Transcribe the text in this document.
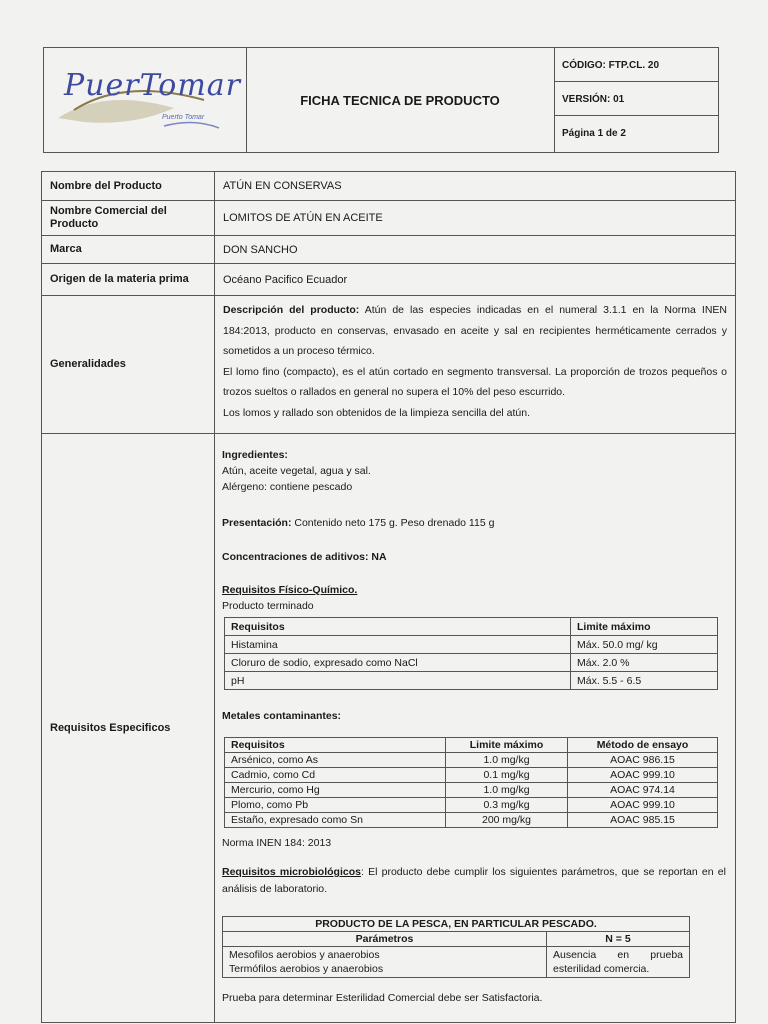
PuerTomar
Puerto Tomar
FICHA TECNICA DE PRODUCTO
CÓDIGO: FTP.CL. 20
VERSIÓN: 01
Página 1 de 2
Nombre del Producto	ATÚN EN CONSERVAS
Nombre Comercial del Producto	LOMITOS DE ATÚN EN ACEITE
Marca	DON SANCHO
Origen de la materia prima	Océano Pacifico Ecuador
Generalidades
Descripción del producto: Atún de las especies indicadas en el numeral 3.1.1 en la Norma INEN 184:2013, producto en conservas, envasado en aceite y sal en recipientes herméticamente cerrados y sometidos a un proceso térmico.
El lomo fino (compacto), es el atún cortado en segmento transversal. La proporción de trozos pequeños o trozos sueltos o rallados en general no supera el 10% del peso escurrido.
Los lomos y rallado son obtenidos de la limpieza sencilla del atún.
Requisitos Especificos
Ingredientes:
Atún, aceite vegetal, agua y sal.
Alérgeno: contiene pescado
Presentación: Contenido neto 175 g. Peso drenado 115 g
Concentraciones de aditivos: NA
Requisitos Físico-Químico.
Producto terminado
Requisitos	Limite máximo
Histamina	Máx. 50.0 mg/ kg
Cloruro de sodio, expresado como NaCl	Máx. 2.0 %
pH	Máx. 5.5 - 6.5
Metales contaminantes:
Requisitos	Limite máximo	Método de ensayo
Arsénico, como As	1.0 mg/kg	AOAC 986.15
Cadmio, como Cd	0.1 mg/kg	AOAC 999.10
Mercurio, como Hg	1.0 mg/kg	AOAC 974.14
Plomo, como Pb	0.3 mg/kg	AOAC 999.10
Estaño, expresado como Sn	200 mg/kg	AOAC 985.15
Norma INEN 184: 2013
Requisitos microbiológicos: El producto debe cumplir los siguientes parámetros, que se reportan en el análisis de laboratorio.
PRODUCTO DE LA PESCA, EN PARTICULAR PESCADO.	
Parámetros	N = 5
Mesofilos aerobios y anaerobios
Termófilos aerobios y anaerobios	Ausencia en prueba esterilidad comercia.
Prueba para determinar Esterilidad Comercial debe ser Satisfactoria.
